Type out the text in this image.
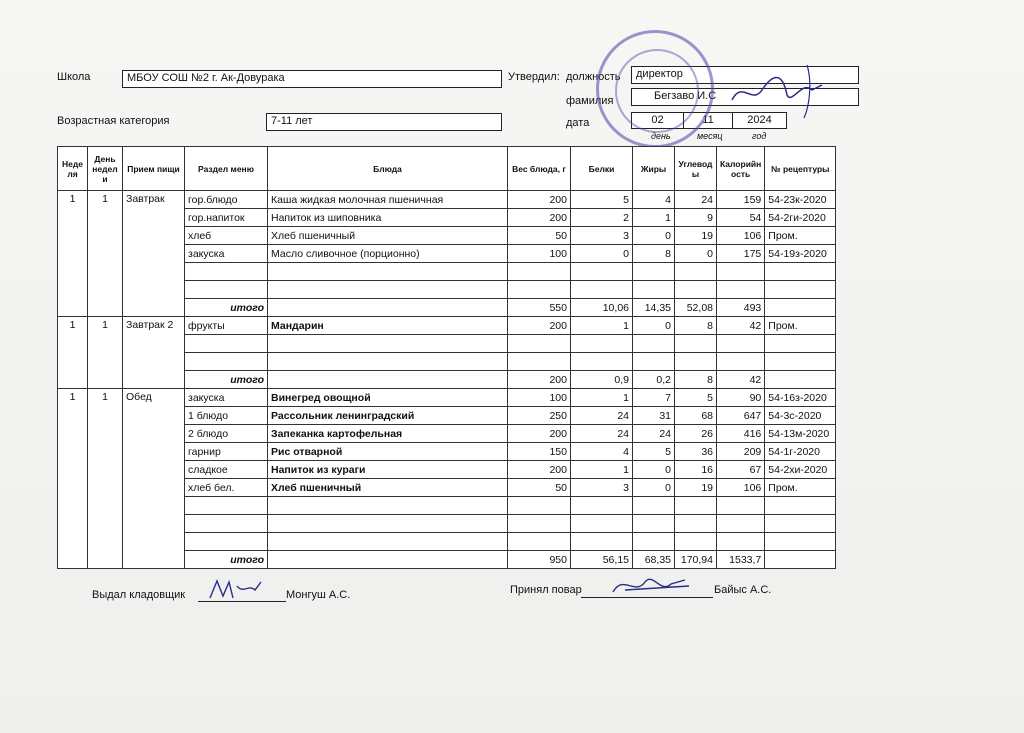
Школа	МБОУ СОШ №2 г. Ак-Довурака	Утвердил: должность	директор
фамилия	Бегзаво И.С
дата	02	11	2024
день	месяц	год
Возрастная категория	7-11 лет
Неде ля	День недел и	Прием пищи	Раздел меню	Блюда	Вес блюда, г	Белки	Жиры	Углевод ы	Калорийн ость	№ рецептуры
1	1	Завтрак	гор.блюдо	Каша жидкая молочная пшеничная	200	5	4	24	159	54-23к-2020
			гор.напиток	Напиток из шиповника	200	2	1	9	54	54-2ги-2020
			хлеб	Хлеб пшеничный	50	3	0	19	106	Пром.
			закуска	Масло сливочное (порционно)	100	0	8	0	175	54-19з-2020

			итого		550	10,06	14,35	52,08	493	
1	1	Завтрак 2	фрукты	Мандарин	200	1	0	8	42	Пром.

			итого		200	0,9	0,2	8	42	
1	1	Обед	закуска	Винегред овощной	100	1	7	5	90	54-16з-2020
			1 блюдо	Рассольник ленинградский	250	24	31	68	647	54-3с-2020
			2 блюдо	Запеканка картофельная	200	24	24	26	416	54-13м-2020
			гарнир	Рис отварной	150	4	5	36	209	54-1г-2020
			сладкое	Напиток из кураги	200	1	0	16	67	54-2хи-2020
			хлеб бел.	Хлеб пшеничный	50	3	0	19	106	Пром.

			итого		950	56,15	68,35	170,94	1533,7	
Выдал кладовщик	Монгуш А.С.	Принял повар	Байыс А.С.
